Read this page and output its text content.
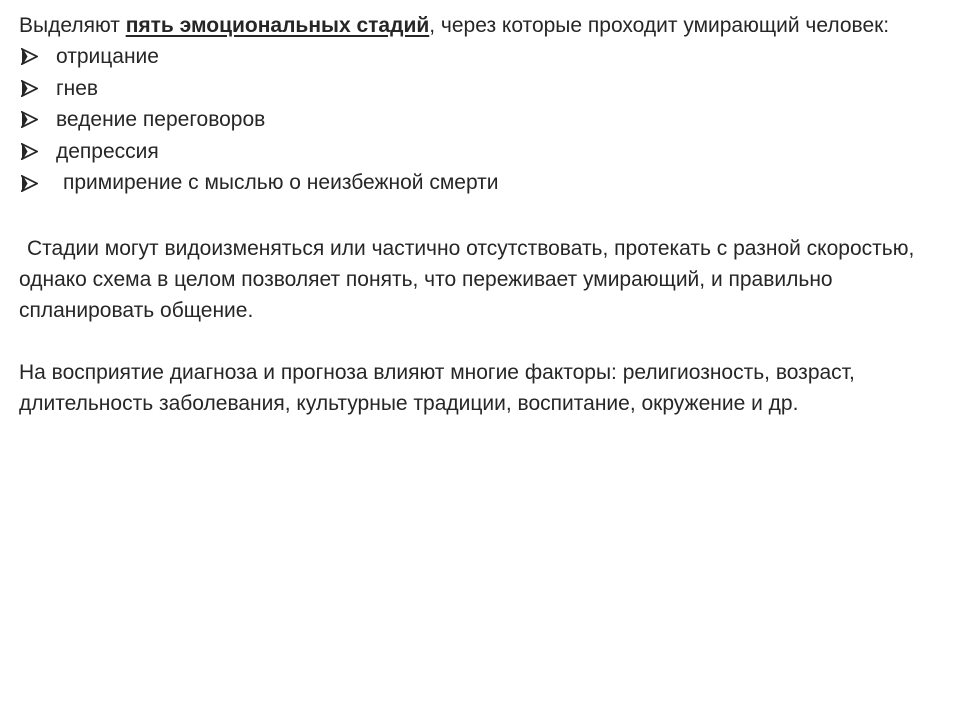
Выделяют пять эмоциональных стадий, через которые проходит умирающий человек:

отрицание
гнев
ведение переговоров
депрессия
примирение с мыслью о неизбежной смерти

Стадии могут видоизменяться или частично отсутствовать, протекать с разной скоростью, однако схема в целом позволяет понять, что переживает умирающий, и правильно спланировать общение.

На восприятие диагноза и прогноза влияют многие факторы: религиозность, возраст, длительность заболевания, культурные традиции, воспитание, окружение и др.
